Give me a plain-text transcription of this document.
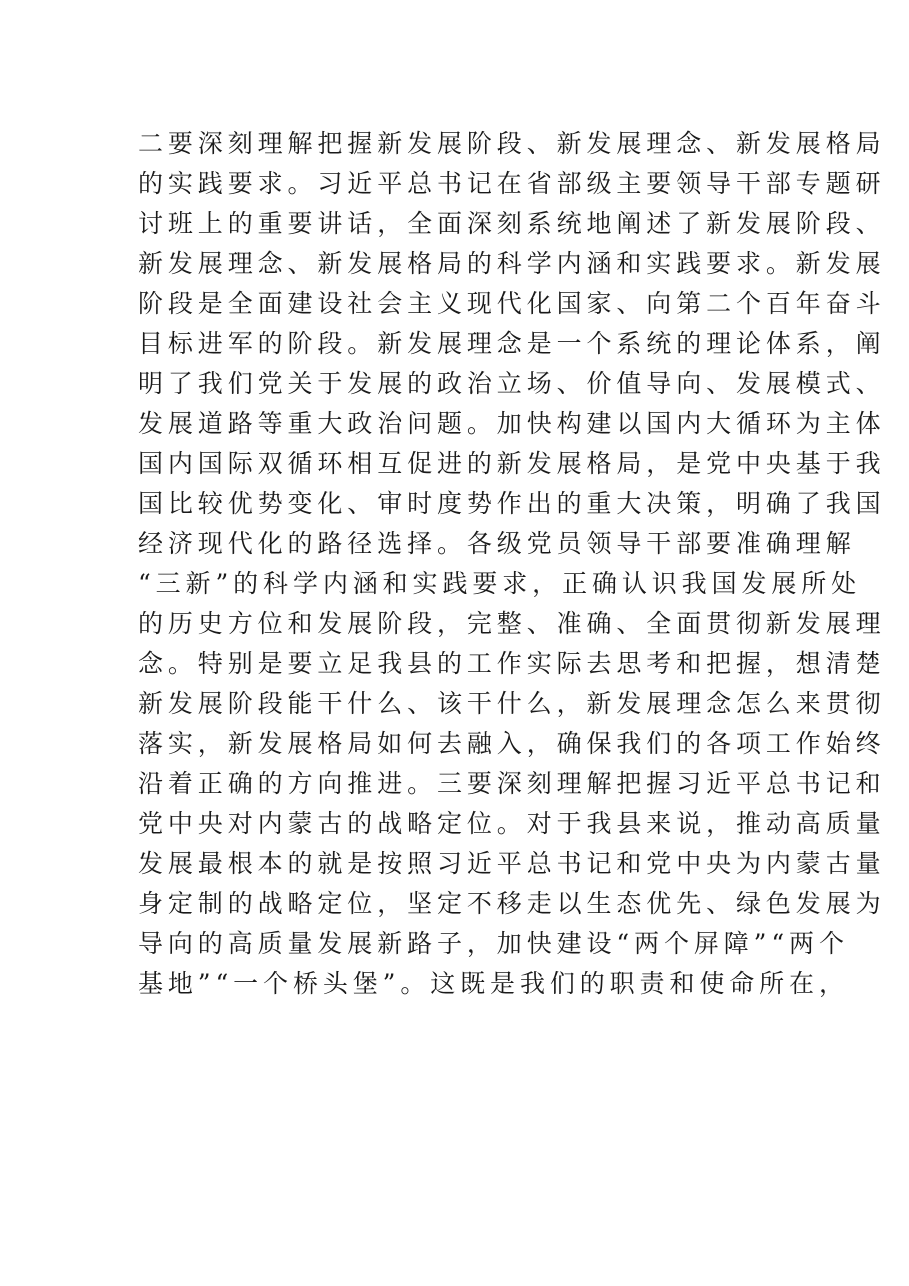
二要深刻理解把握新发展阶段、新发展理念、新发展格局
的实践要求。习近平总书记在省部级主要领导干部专题研
讨班上的重要讲话，全面深刻系统地阐述了新发展阶段、
新发展理念、新发展格局的科学内涵和实践要求。新发展
阶段是全面建设社会主义现代化国家、向第二个百年奋斗
目标进军的阶段。新发展理念是一个系统的理论体系，阐
明了我们党关于发展的政治立场、价值导向、发展模式、
发展道路等重大政治问题。加快构建以国内大循环为主体
国内国际双循环相互促进的新发展格局，是党中央基于我
国比较优势变化、审时度势作出的重大决策，明确了我国
经济现代化的路径选择。各级党员领导干部要准确理解
“三新”的科学内涵和实践要求，正确认识我国发展所处
的历史方位和发展阶段，完整、准确、全面贯彻新发展理
念。特别是要立足我县的工作实际去思考和把握，想清楚
新发展阶段能干什么、该干什么，新发展理念怎么来贯彻
落实，新发展格局如何去融入，确保我们的各项工作始终
沿着正确的方向推进。三要深刻理解把握习近平总书记和
党中央对内蒙古的战略定位。对于我县来说，推动高质量
发展最根本的就是按照习近平总书记和党中央为内蒙古量
身定制的战略定位，坚定不移走以生态优先、绿色发展为
导向的高质量发展新路子，加快建设“两个屏障”“两个
基地”“一个桥头堡”。这既是我们的职责和使命所在，
